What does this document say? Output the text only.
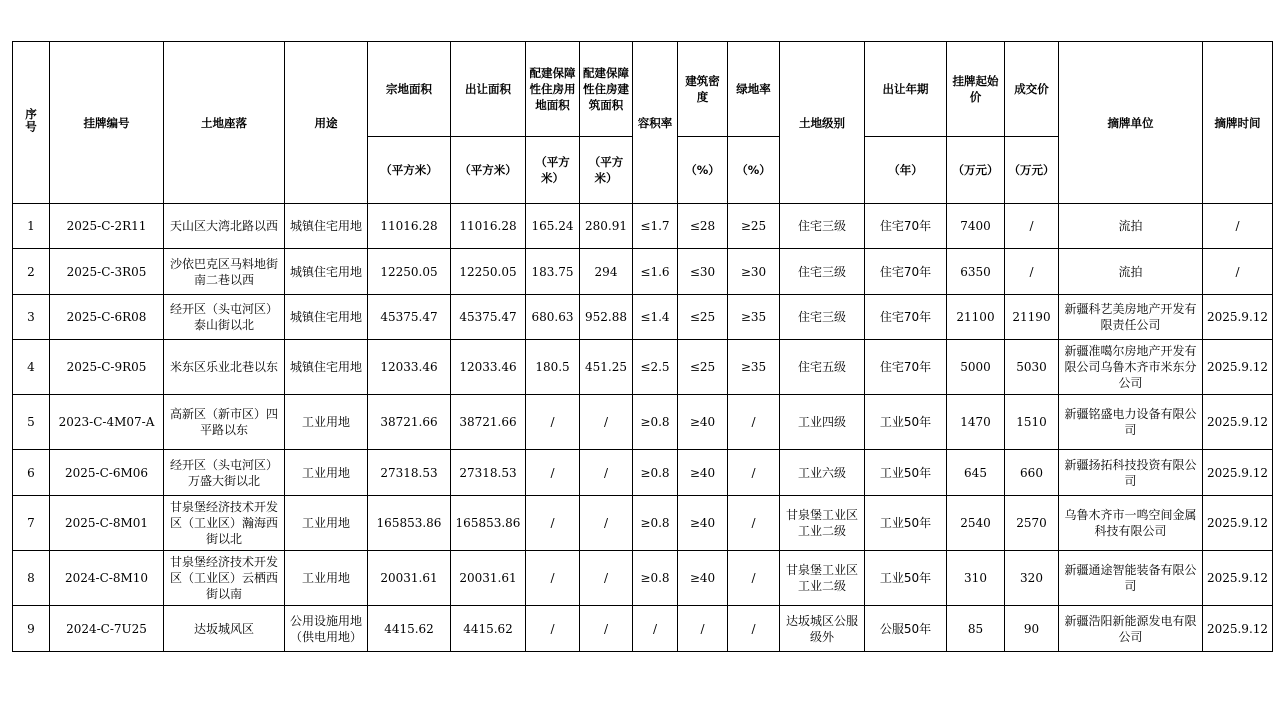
序号	挂牌编号	土地座落	用途	宗地面积	出让面积	配建保障性住房用地面积	配建保障性住房建筑面积	容积率	建筑密度	绿地率	土地级别	出让年期	挂牌起始价	成交价	摘牌单位	摘牌时间
				（平方米）	（平方米）	（平方米）	（平方米）		（%）	（%）		（年）	（万元）	（万元）		
1	2025-C-2R11	天山区大湾北路以西	城镇住宅用地	11016.28	11016.28	165.24	280.91	≤1.7	≤28	≥25	住宅三级	住宅70年	7400	/	流拍	/
2	2025-C-3R05	沙依巴克区马料地街南二巷以西	城镇住宅用地	12250.05	12250.05	183.75	294	≤1.6	≤30	≥30	住宅三级	住宅70年	6350	/	流拍	/
3	2025-C-6R08	经开区（头屯河区）泰山街以北	城镇住宅用地	45375.47	45375.47	680.63	952.88	≤1.4	≤25	≥35	住宅三级	住宅70年	21100	21190	新疆科艺美房地产开发有限责任公司	2025.9.12
4	2025-C-9R05	米东区乐业北巷以东	城镇住宅用地	12033.46	12033.46	180.5	451.25	≤2.5	≤25	≥35	住宅五级	住宅70年	5000	5030	新疆准噶尔房地产开发有限公司乌鲁木齐市米东分公司	2025.9.12
5	2023-C-4M07-A	高新区（新市区）四平路以东	工业用地	38721.66	38721.66	/	/	≥0.8	≥40	/	工业四级	工业50年	1470	1510	新疆铭盛电力设备有限公司	2025.9.12
6	2025-C-6M06	经开区（头屯河区）万盛大街以北	工业用地	27318.53	27318.53	/	/	≥0.8	≥40	/	工业六级	工业50年	645	660	新疆扬拓科技投资有限公司	2025.9.12
7	2025-C-8M01	甘泉堡经济技术开发区（工业区）瀚海西街以北	工业用地	165853.86	165853.86	/	/	≥0.8	≥40	/	甘泉堡工业区工业二级	工业50年	2540	2570	乌鲁木齐市一鸣空间金属科技有限公司	2025.9.12
8	2024-C-8M10	甘泉堡经济技术开发区（工业区）云栖西街以南	工业用地	20031.61	20031.61	/	/	≥0.8	≥40	/	甘泉堡工业区工业二级	工业50年	310	320	新疆通途智能装备有限公司	2025.9.12
9	2024-C-7U25	达坂城风区	公用设施用地（供电用地）	4415.62	4415.62	/	/	/	/	/	达坂城区公服级外	公服50年	85	90	新疆浩阳新能源发电有限公司	2025.9.12
